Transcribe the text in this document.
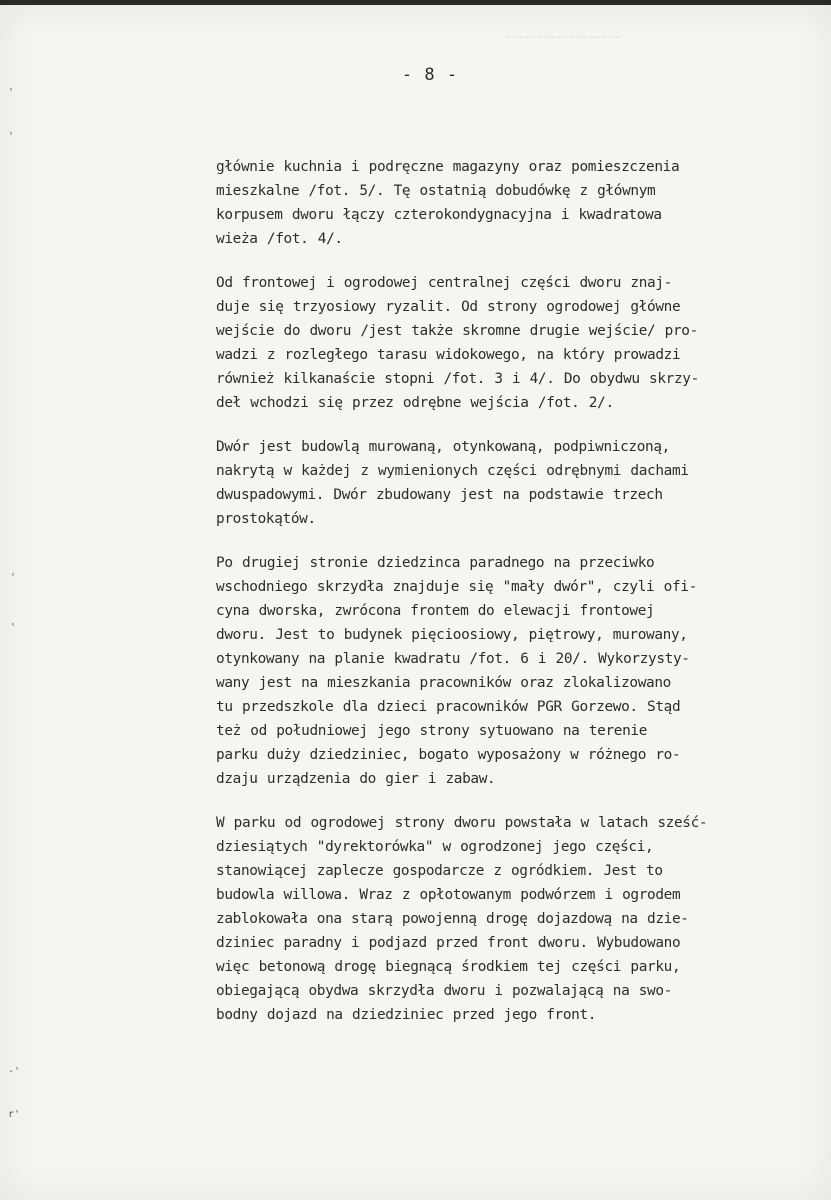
~~~~~~~~~~~~~~~~~~
- 8 -
'
'
'
'
-'
r'
głównie kuchnia i podręczne magazyny oraz pomieszczenia
mieszkalne /fot. 5/. Tę ostatnią dobudówkę z głównym
korpusem dworu łączy czterokondygnacyjna i kwadratowa
wieża /fot. 4/.
Od frontowej i ogrodowej centralnej części dworu znaj-
duje się trzyosiowy ryzalit. Od strony ogrodowej główne
wejście do dworu /jest także skromne drugie wejście/ pro-
wadzi z rozległego tarasu widokowego, na który prowadzi
również kilkanaście stopni /fot. 3 i 4/. Do obydwu skrzy-
deł wchodzi się przez odrębne wejścia /fot. 2/.
Dwór jest budowlą murowaną, otynkowaną, podpiwniczoną,
nakrytą w każdej z wymienionych części odrębnymi dachami
dwuspadowymi. Dwór zbudowany jest na podstawie trzech
prostokątów.
Po drugiej stronie dziedzinca paradnego na przeciwko
wschodniego skrzydła znajduje się "mały dwór", czyli ofi-
cyna dworska, zwrócona frontem do elewacji frontowej
dworu. Jest to budynek pięcioosiowy, piętrowy, murowany,
otynkowany na planie kwadratu /fot. 6 i 20/. Wykorzysty-
wany jest na mieszkania pracowników oraz zlokalizowano
tu przedszkole dla dzieci pracowników PGR Gorzewo. Stąd
też od południowej jego strony sytuowano na terenie
parku duży dziedziniec, bogato wyposażony w różnego ro-
dzaju urządzenia do gier i zabaw.
W parku od ogrodowej strony dworu powstała w latach sześć-
dziesiątych "dyrektorówka" w ogrodzonej jego części,
stanowiącej zaplecze gospodarcze z ogródkiem. Jest to
budowla willowa. Wraz z opłotowanym podwórzem i ogrodem
zablokowała ona starą powojenną drogę dojazdową na dzie-
dziniec paradny i podjazd przed front dworu. Wybudowano
więc betonową drogę biegnącą środkiem tej części parku,
obiegającą obydwa skrzydła dworu i pozwalającą na swo-
bodny dojazd na dziedziniec przed jego front.
